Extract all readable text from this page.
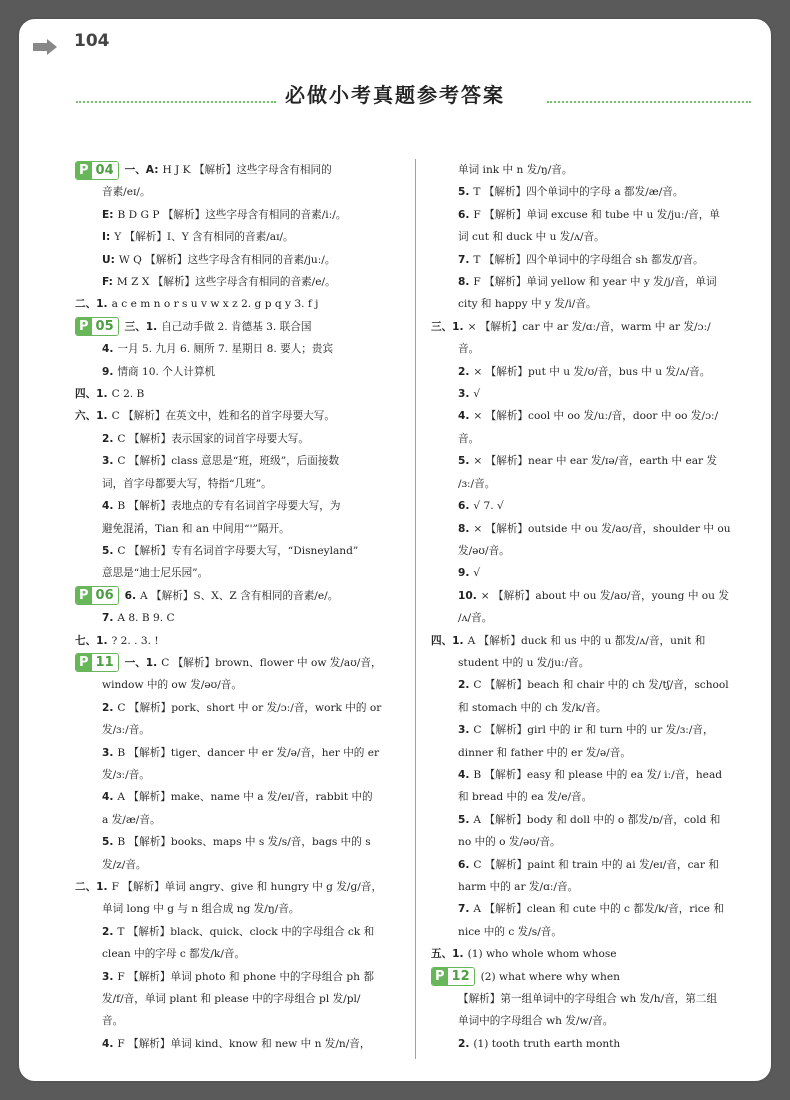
104
必做小考真题参考答案
P 04	一、A: H J K 【解析】这些字母含有相同的
音素/eɪ/。
E: B D G P 【解析】这些字母含有相同的音素/iː/。
I: Y 【解析】I、Y 含有相同的音素/aɪ/。
U: W Q 【解析】这些字母含有相同的音素/juː/。
F: M Z X 【解析】这些字母含有相同的音素/e/。
二、1. a c e m n o r s u v w x z 2. g p q y 3. f j
P 05	三、1. 自己动手做 2. 肯德基 3. 联合国
4. 一月 5. 九月 6. 厕所 7. 星期日 8. 要人；贵宾
9. 情商 10. 个人计算机
四、1. C 2. B
六、1. C 【解析】在英文中，姓和名的首字母要大写。
2. C 【解析】表示国家的词首字母要大写。
3. C 【解析】class 意思是“班，班级”，后面接数
词，首字母都要大写，特指“几班”。
4. B 【解析】表地点的专有名词首字母要大写，为
避免混淆，Tian 和 an 中间用“'”隔开。
5. C 【解析】专有名词首字母要大写，“Disneyland”
意思是“迪士尼乐园”。
P 06	6. A 【解析】S、X、Z 含有相同的音素/e/。
7. A 8. B 9. C
七、1. ? 2. . 3. !
P 11	一、1. C 【解析】brown、flower 中 ow 发/aʊ/音，
window 中的 ow 发/əʊ/音。
2. C 【解析】pork、short 中 or 发/ɔː/音，work 中的 or
发/ɜː/音。
3. B 【解析】tiger、dancer 中 er 发/ə/音，her 中的 er
发/ɜː/音。
4. A 【解析】make、name 中 a 发/eɪ/音，rabbit 中的
a 发/æ/音。
5. B 【解析】books、maps 中 s 发/s/音，bags 中的 s
发/z/音。
二、1. F 【解析】单词 angry、give 和 hungry 中 g 发/ɡ/音，
单词 long 中 g 与 n 组合成 ng 发/ŋ/音。
2. T 【解析】black、quick、clock 中的字母组合 ck 和
clean 中的字母 c 都发/k/音。
3. F 【解析】单词 photo 和 phone 中的字母组合 ph 都
发/f/音，单词 plant 和 please 中的字母组合 pl 发/pl/
音。
4. F 【解析】单词 kind、know 和 new 中 n 发/n/音，
单词 ink 中 n 发/ŋ/音。
5. T 【解析】四个单词中的字母 a 都发/æ/音。
6. F 【解析】单词 excuse 和 tube 中 u 发/juː/音，单
词 cut 和 duck 中 u 发/ʌ/音。
7. T 【解析】四个单词中的字母组合 sh 都发/ʃ/音。
8. F 【解析】单词 yellow 和 year 中 y 发/j/音，单词
city 和 happy 中 y 发/i/音。
三、1. × 【解析】car 中 ar 发/ɑː/音，warm 中 ar 发/ɔː/
音。
2. × 【解析】put 中 u 发/ʊ/音，bus 中 u 发/ʌ/音。
3. √
4. × 【解析】cool 中 oo 发/uː/音，door 中 oo 发/ɔː/
音。
5. × 【解析】near 中 ear 发/ɪə/音，earth 中 ear 发
/ɜː/音。
6. √ 7. √
8. × 【解析】outside 中 ou 发/aʊ/音，shoulder 中 ou
发/əʊ/音。
9. √
10. × 【解析】about 中 ou 发/aʊ/音，young 中 ou 发
/ʌ/音。
四、1. A 【解析】duck 和 us 中的 u 都发/ʌ/音，unit 和
student 中的 u 发/juː/音。
2. C 【解析】beach 和 chair 中的 ch 发/tʃ/音，school
和 stomach 中的 ch 发/k/音。
3. C 【解析】girl 中的 ir 和 turn 中的 ur 发/ɜː/音，
dinner 和 father 中的 er 发/ə/音。
4. B 【解析】easy 和 please 中的 ea 发/ iː/音，head
和 bread 中的 ea 发/e/音。
5. A 【解析】body 和 doll 中的 o 都发/ɒ/音，cold 和
no 中的 o 发/əʊ/音。
6. C 【解析】paint 和 train 中的 ai 发/eɪ/音，car 和
harm 中的 ar 发/ɑː/音。
7. A 【解析】clean 和 cute 中的 c 都发/k/音，rice 和
nice 中的 c 发/s/音。
五、1. (1) who whole whom whose
P 12	(2) what where why when
【解析】第一组单词中的字母组合 wh 发/h/音，第二组
单词中的字母组合 wh 发/w/音。
2. (1) tooth truth earth month
